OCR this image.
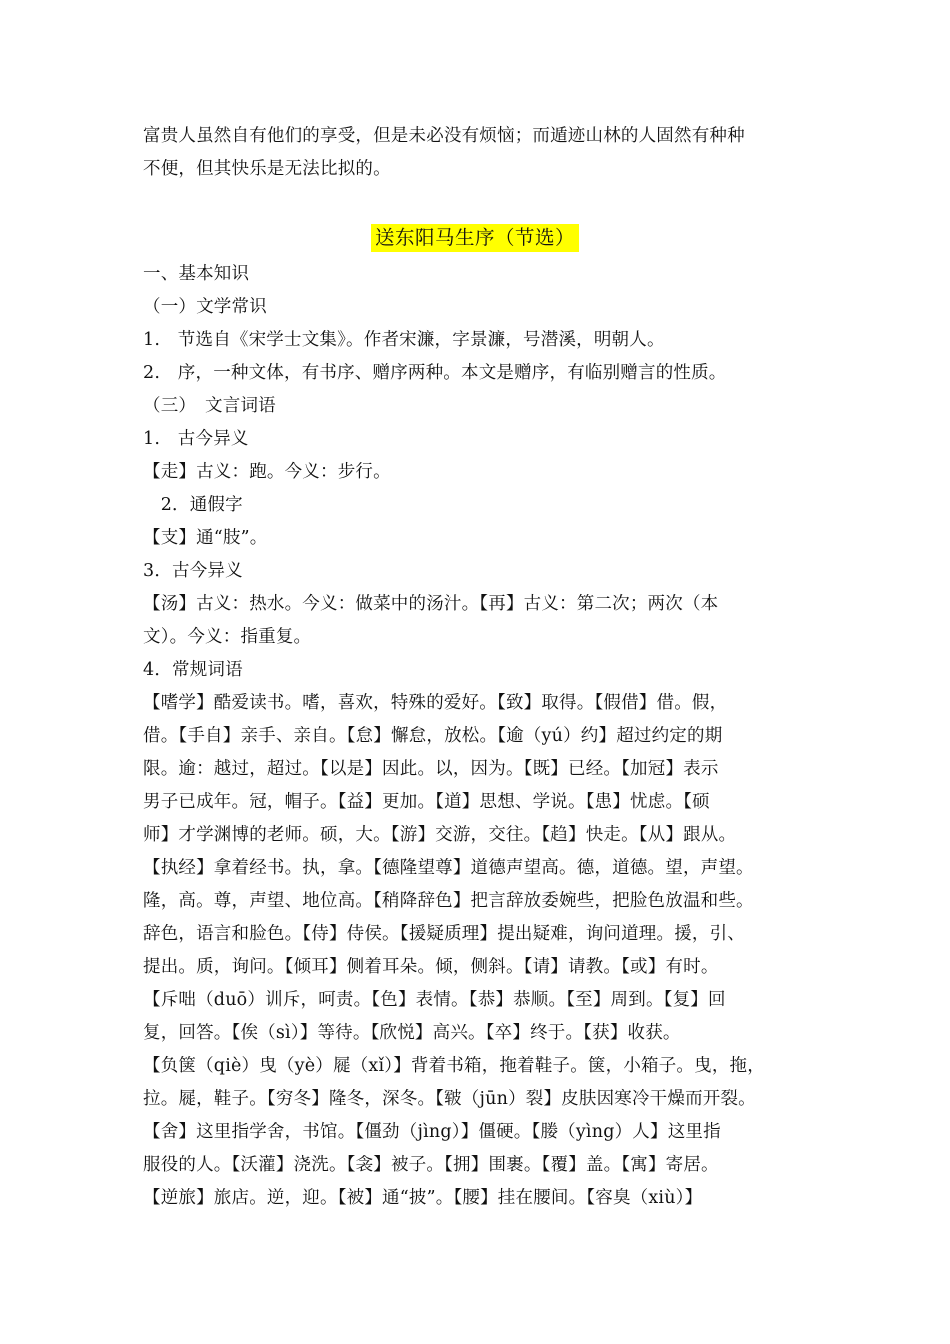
富贵人虽然自有他们的享受，但是未必没有烦恼；而遁迹山林的人固然有种种
不便，但其快乐是无法比拟的。
送东阳马生序（节选）
一、基本知识
（一）文学常识
1.　节选自《宋学士文集》。作者宋濂，字景濂，号潜溪，明朝人。
2.　序，一种文体，有书序、赠序两种。本文是赠序，有临别赠言的性质。
（三）　文言词语
1.　古今异义
【走】古义：跑。今义：步行。
　2．通假字
【支】通“肢”。
3．古今异义
【汤】古义：热水。今义：做菜中的汤汁。【再】古义：第二次；两次（本
文）。今义：指重复。
4．常规词语
【嗜学】酷爱读书。嗜，喜欢，特殊的爱好。【致】取得。【假借】借。假，
借。【手自】亲手、亲自。【怠】懈怠，放松。【逾（yú）约】超过约定的期
限。逾：越过，超过。【以是】因此。以，因为。【既】已经。【加冠】表示
男子已成年。冠，帽子。【益】更加。【道】思想、学说。【患】忧虑。【硕
师】才学渊博的老师。硕，大。【游】交游，交往。【趋】快走。【从】跟从。
【执经】拿着经书。执，拿。【德隆望尊】道德声望高。德，道德。望，声望。
隆，高。尊，声望、地位高。【稍降辞色】把言辞放委婉些，把脸色放温和些。
辞色，语言和脸色。【侍】侍侯。【援疑质理】提出疑难，询问道理。援，引、
提出。质，询问。【倾耳】侧着耳朵。倾，侧斜。【请】请教。【或】有时。
【斥咄（duō）训斥，呵责。【色】表情。【恭】恭顺。【至】周到。【复】回
复，回答。【俟（sì）】等待。【欣悦】高兴。【卒】终于。【获】收获。
【负箧（qiè）曳（yè）屣（xǐ）】背着书箱，拖着鞋子。箧，小箱子。曳，拖，
拉。屣，鞋子。【穷冬】隆冬，深冬。【皲（jūn）裂】皮肤因寒冷干燥而开裂。
【舍】这里指学舍，书馆。【僵劲（jìng）】僵硬。【媵（yìng）人】这里指
服役的人。【沃灌】浇洗。【衾】被子。【拥】围裹。【覆】盖。【寓】寄居。
【逆旅】旅店。逆，迎。【被】通“披”。【腰】挂在腰间。【容臭（xiù）】
